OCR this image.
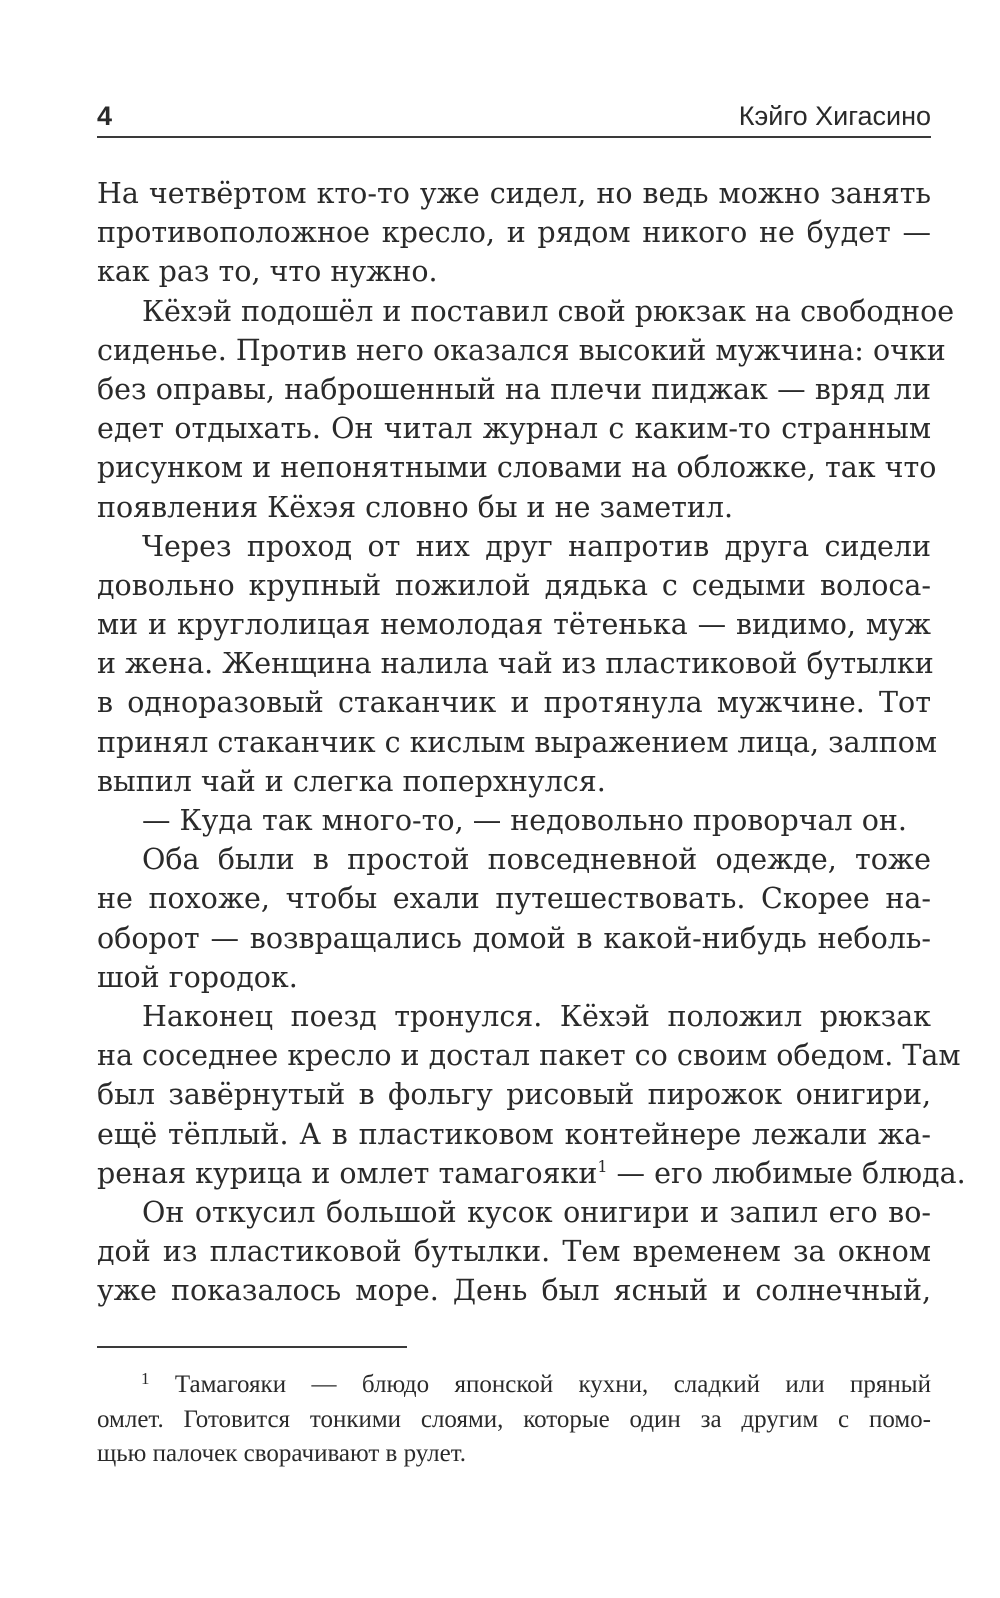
4	Кэйго Хигасино
На четвёртом кто-то уже сидел, но ведь можно занять
противоположное кресло, и рядом никого не будет —
как раз то, что нужно.
Кёхэй подошёл и поставил свой рюкзак на свободное
сиденье. Против него оказался высокий мужчина: очки
без оправы, наброшенный на плечи пиджак — вряд ли
едет отдыхать. Он читал журнал с каким-то странным
рисунком и непонятными словами на обложке, так что
появления Кёхэя словно бы и не заметил.
Через проход от них друг напротив друга сидели
довольно крупный пожилой дядька с седыми волоса-
ми и круглолицая немолодая тётенька — видимо, муж
и жена. Женщина налила чай из пластиковой бутылки
в одноразовый стаканчик и протянула мужчине. Тот
принял стаканчик с кислым выражением лица, залпом
выпил чай и слегка поперхнулся.
— Куда так много-то, — недовольно проворчал он.
Оба были в простой повседневной одежде, тоже
не похоже, чтобы ехали путешествовать. Скорее на-
оборот — возвращались домой в какой-нибудь неболь-
шой городок.
Наконец поезд тронулся. Кёхэй положил рюкзак
на соседнее кресло и достал пакет со своим обедом. Там
был завёрнутый в фольгу рисовый пирожок онигири,
ещё тёплый. А в пластиковом контейнере лежали жа-
реная курица и омлет тамагояки$^1$ — его любимые блюда.
Он откусил большой кусок онигири и запил его во-
дой из пластиковой бутылки. Тем временем за окном
уже показалось море. День был ясный и солнечный,
$^1$ Тамагояки — блюдо японской кухни, сладкий или пряный
омлет. Готовится тонкими слоями, которые один за другим с помо-
щью палочек сворачивают в рулет.
